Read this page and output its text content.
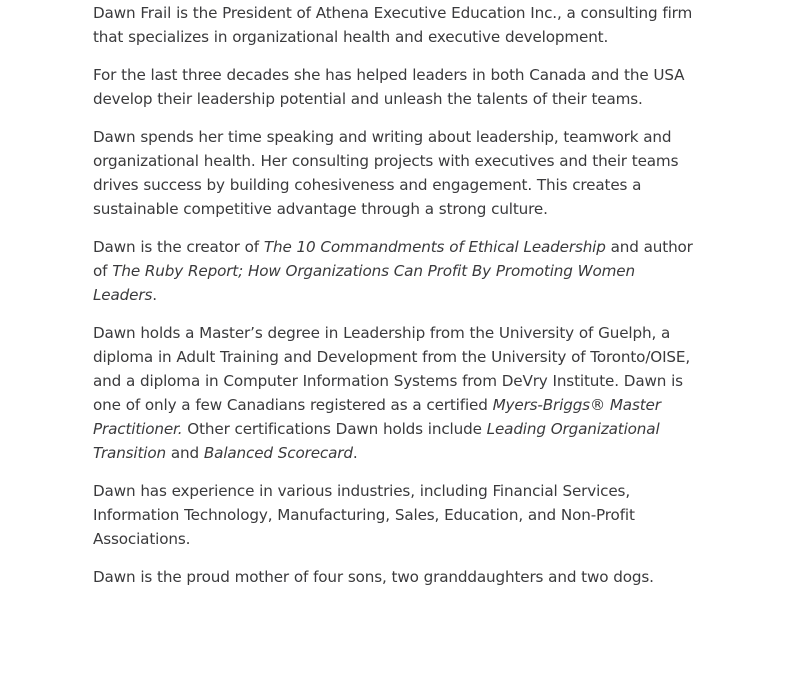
Dawn Frail is the President of Athena Executive Education Inc., a consulting firm that specializes in organizational health and executive development.

For the last three decades she has helped leaders in both Canada and the USA develop their leadership potential and unleash the talents of their teams.

Dawn spends her time speaking and writing about leadership, teamwork and organizational health. Her consulting projects with executives and their teams drives success by building cohesiveness and engagement. This creates a sustainable competitive advantage through a strong culture.

Dawn is the creator of The 10 Commandments of Ethical Leadership and author of The Ruby Report; How Organizations Can Profit By Promoting Women Leaders.

Dawn holds a Master’s degree in Leadership from the University of Guelph, a diploma in Adult Training and Development from the University of Toronto/OISE, and a diploma in Computer Information Systems from DeVry Institute. Dawn is one of only a few Canadians registered as a certified Myers-Briggs® Master Practitioner. Other certifications Dawn holds include Leading Organizational Transition and Balanced Scorecard.

Dawn has experience in various industries, including Financial Services, Information Technology, Manufacturing, Sales, Education, and Non-Profit Associations.

Dawn is the proud mother of four sons, two granddaughters and two dogs.
